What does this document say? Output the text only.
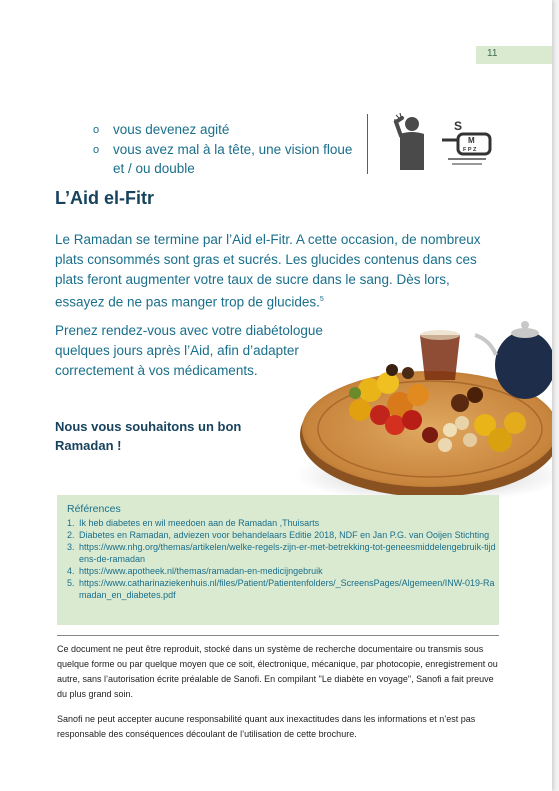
11
o	vous devenez agité
o	vous avez mal à la tête, une vision floue et / ou double
S
M
F P Z
L’Aid el-Fitr
Le Ramadan se termine par l’Aid el-Fitr. A cette occasion, de nombreux plats consommés sont gras et sucrés. Les glucides contenus dans ces plats feront augmenter votre taux de sucre dans le sang. Dès lors, essayez de ne pas manger trop de glucides.$^5$
Prenez rendez-vous avec votre diabétologue quelques jours après l’Aid, afin d’adapter correctement à vos médicaments.
Nous vous souhaitons un bon Ramadan !
Références
1. Ik heb diabetes en wil meedoen aan de Ramadan ,Thuisarts
2. Diabetes en Ramadan, adviezen voor behandelaars Editie 2018, NDF en Jan P.G. van Ooijen Stichting
3. https://www.nhg.org/themas/artikelen/welke-regels-zijn-er-met-betrekking-tot-geneesmiddelengebruik-tijdens-de-ramadan
4. https://www.apotheek.nl/themas/ramadan-en-medicijngebruik
5. https://www.catharinaziekenhuis.nl/files/Patient/Patientenfolders/_ScreensPages/Algemeen/INW-019-Ramadan_en_diabetes.pdf

Ce document ne peut être reproduit, stocké dans un système de recherche documentaire ou transmis sous quelque forme ou par quelque moyen que ce soit, électronique, mécanique, par photocopie, enregistrement ou autre, sans l’autorisation écrite préalable de Sanofi. En compilant "Le diabète en voyage", Sanofi a fait preuve du plus grand soin.

Sanofi ne peut accepter aucune responsabilité quant aux inexactitudes dans les informations et n’est pas responsable des conséquences découlant de l’utilisation de cette brochure.
